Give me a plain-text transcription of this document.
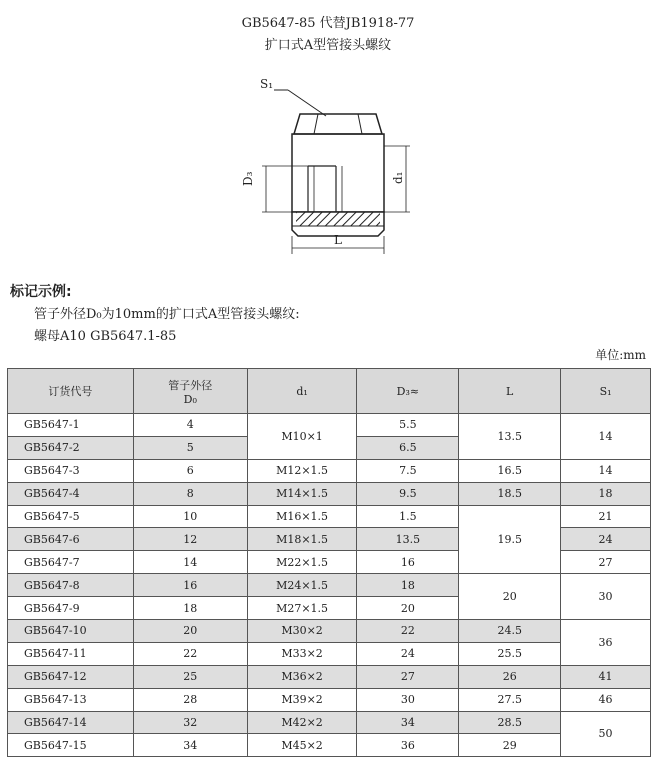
GB5647-85 代替JB1918-77
扩口式A型管接头螺纹
S₁
D₃	d₁
L
标记示例:
管子外径D₀为10mm的扩口式A型管接头螺纹:
螺母A10 GB5647.1-85
单位:mm
订货代号	管子外径
D₀	d₁	D₃≈	L	S₁
GB5647-1	4	M10×1	5.5	13.5	14
GB5647-2	5		6.5		
GB5647-3	6	M12×1.5	7.5	16.5	14
GB5647-4	8	M14×1.5	9.5	18.5	18
GB5647-5	10	M16×1.5	1.5	19.5	21
GB5647-6	12	M18×1.5	13.5		24
GB5647-7	14	M22×1.5	16		27
GB5647-8	16	M24×1.5	18	20	30
GB5647-9	18	M27×1.5	20		
GB5647-10	20	M30×2	22	24.5	36
GB5647-11	22	M33×2	24	25.5	
GB5647-12	25	M36×2	27	26	41
GB5647-13	28	M39×2	30	27.5	46
GB5647-14	32	M42×2	34	28.5	50
GB5647-15	34	M45×2	36	29	
